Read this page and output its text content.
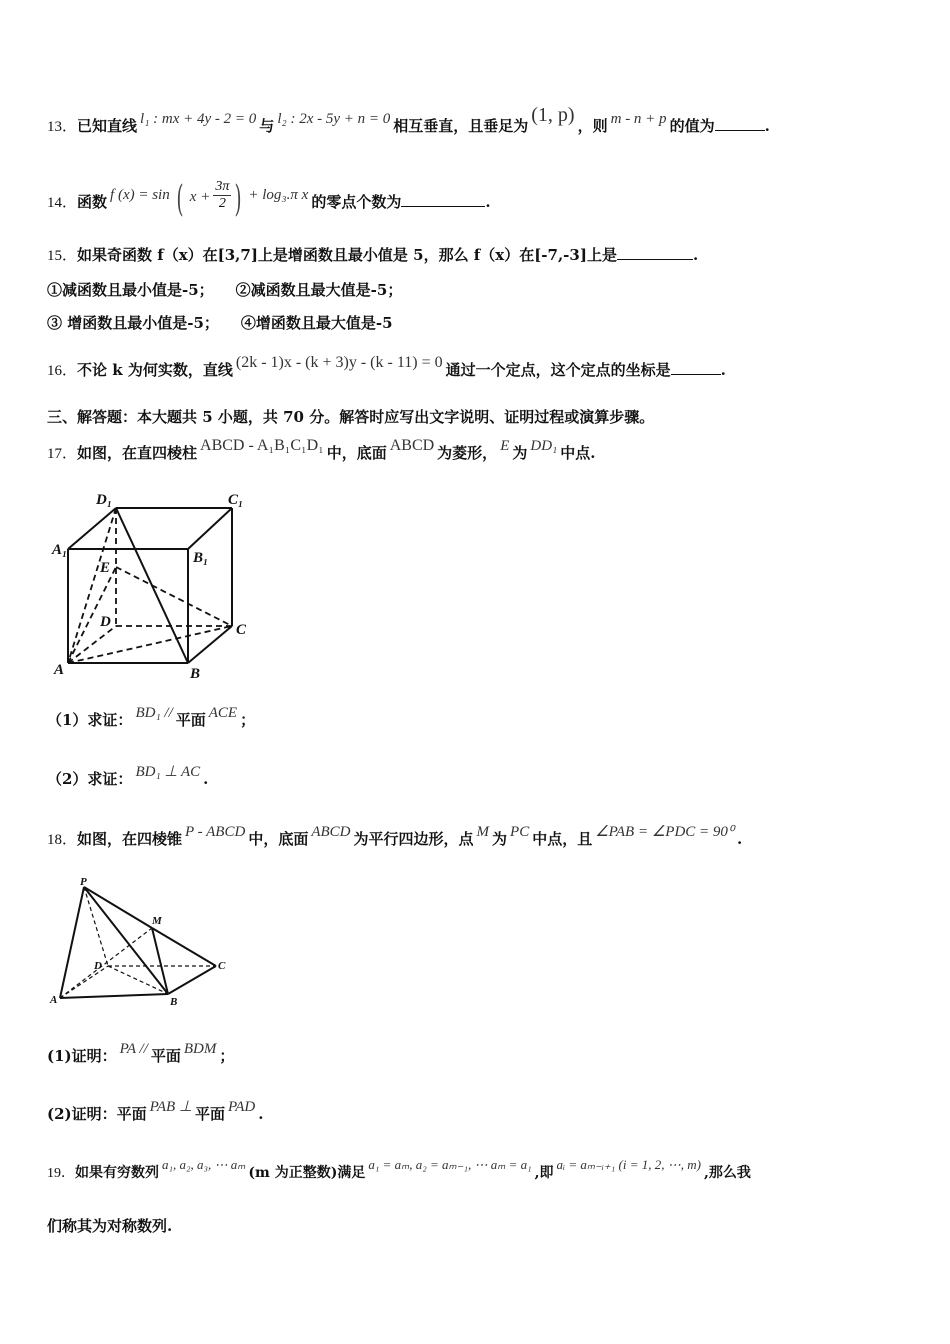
13．已知直线 l₁ : mx + 4y - 2 = 0 与 l₂ : 2x - 5y + n = 0 相互垂直，且垂足为 (1, p) ，则 m - n + p 的值为	.
14．函数 f (x) = sin ( $x + \frac{3\pi}{2}$ ) + log₃.π x 的零点个数为	.
15．如果奇函数 f（x）在[3,7]上是增函数且最小值是 5，那么 f（x）在[-7,-3]上是	.
①减函数且最小值是-5； ②减函数且最大值是-5；
③ 增函数且最小值是-5； ④增函数且最大值是-5
16．不论 k 为何实数，直线 (2k - 1)x - (k + 3)y - (k - 11) = 0 通过一个定点，这个定点的坐标是	.
三、解答题：本大题共 5 小题，共 70 分。解答时应写出文字说明、证明过程或演算步骤。
17．如图，在直四棱柱 ABCD - A₁B₁C₁D₁ 中，底面 ABCD 为菱形， E 为 DD₁ 中点.
D₁	C₁
A₁	B₁
E
D	C
A	B
（1）求证： BD₁ // 平面 ACE ；
（2）求证： BD₁ ⊥ AC .
18．如图，在四棱锥 P - ABCD 中，底面 ABCD 为平行四边形，点 M 为 PC 中点，且 ∠PAB = ∠PDC = 90⁰ .
P
M
D	C
A	B
(1)证明： PA // 平面 BDM ；
(2)证明：平面 PAB ⊥ 平面 PAD .
19．如果有穷数列a₁, a₂, a₃, ⋯ aₘ(m 为正整数)满足a₁ = aₘ, a₂ = aₘ₋₁, ⋯ aₘ = a₁,即aᵢ = aₘ₋ᵢ₊₁ (i = 1, 2, ⋯, m),那么我
们称其为对称数列.
